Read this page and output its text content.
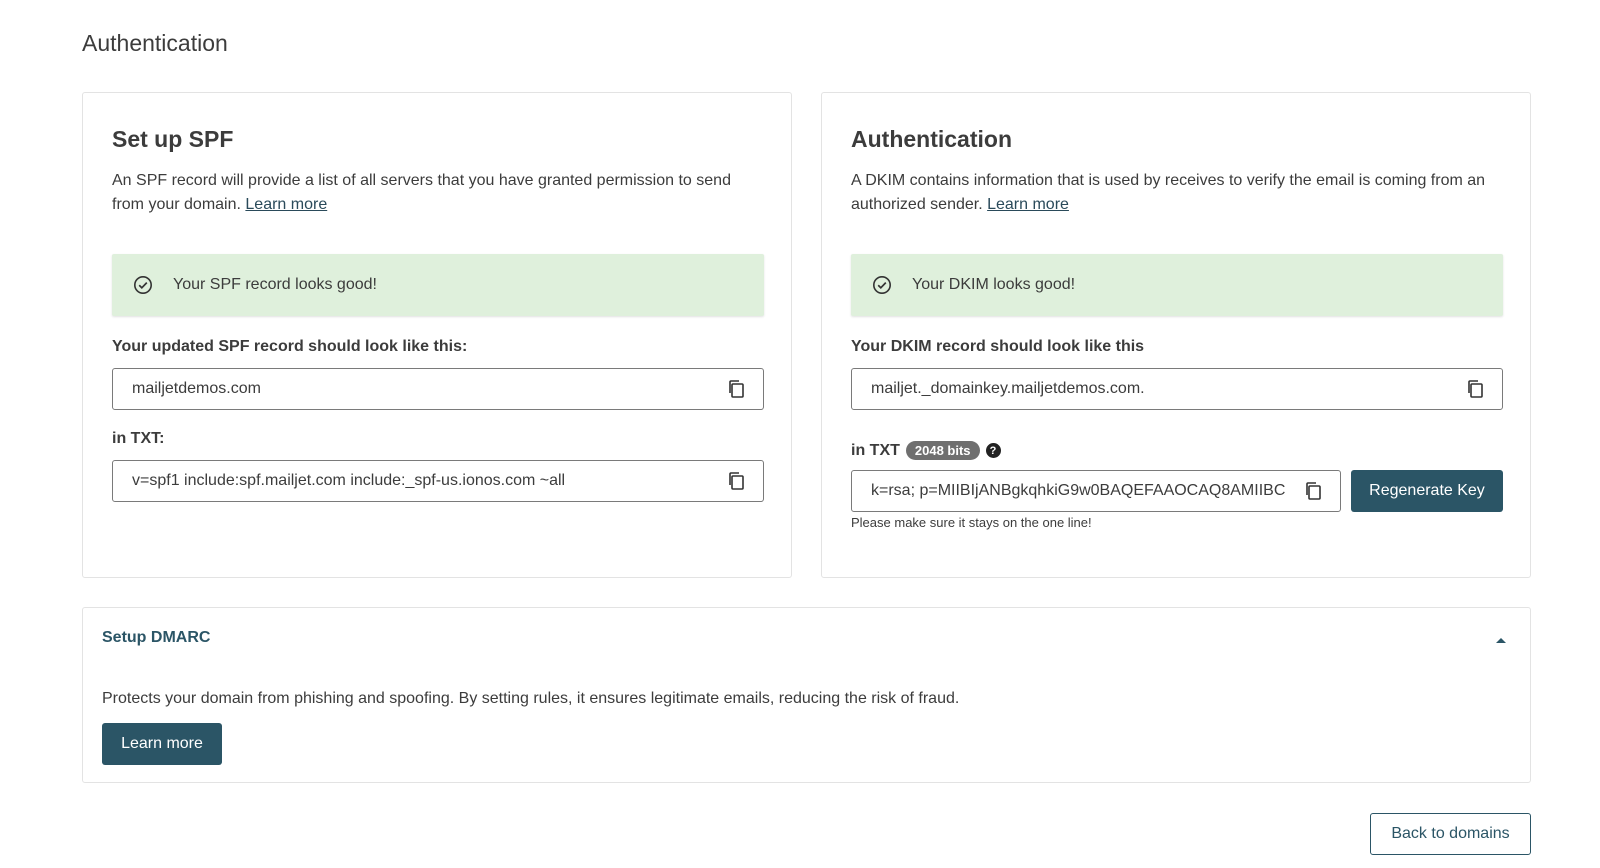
Authentication
Set up SPF

An SPF record will provide a list of all servers that you have granted permission to send from your domain. Learn more

Your SPF record looks good!
Your updated SPF record should look like this:
mailjetdemos.com
in TXT:
v=spf1 include:spf.mailjet.com include:_spf-us.ionos.com ~all
Authentication

A DKIM contains information that is used by receives to verify the email is coming from an authorized sender. Learn more

Your DKIM looks good!
Your DKIM record should look like this
mailjet._domainkey.mailjetdemos.com.
in TXT	2048 bits	?
k=rsa; p=MIIBIjANBgkqhkiG9w0BAQEFAAOCAQ8AMIIBC	Regenerate Key
Please make sure it stays on the one line!
Setup DMARC

Protects your domain from phishing and spoofing. By setting rules, it ensures legitimate emails, reducing the risk of fraud.

Learn more
Back to domains
